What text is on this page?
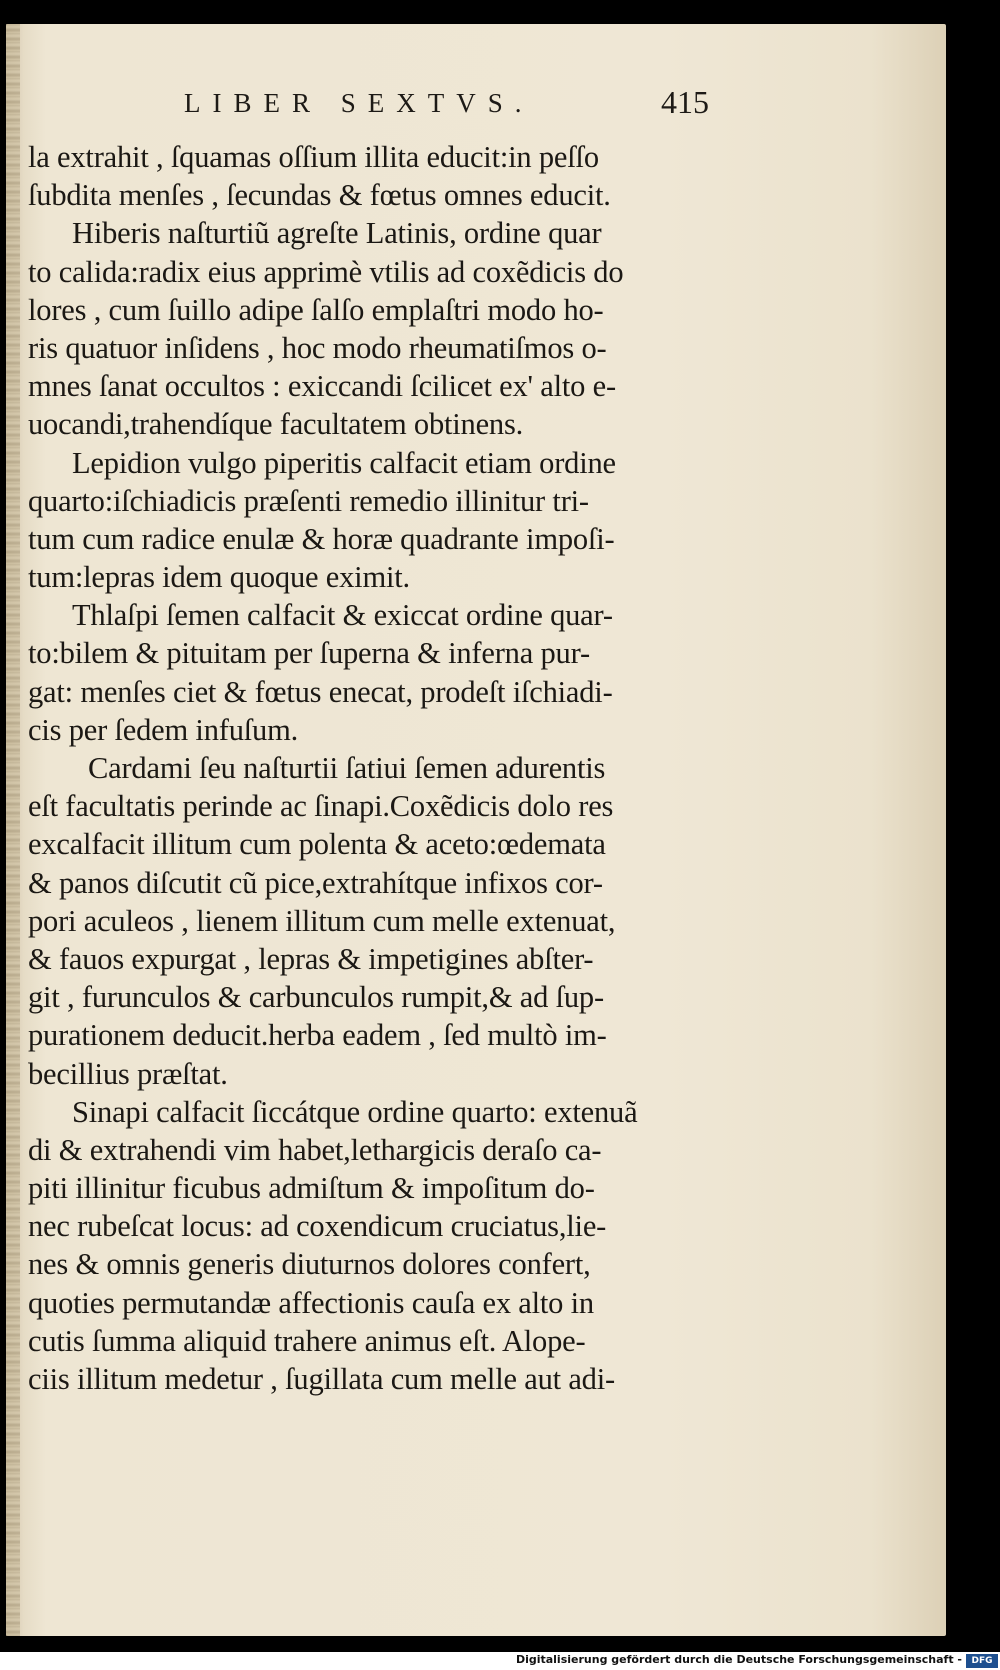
LIBER SEXTVS.	415
la extrahit , ſquamas oſſium illita educit:in peſſo
ſubdita menſes , ſecundas & fœtus omnes educit.
Hiberis naſturtiũ agreſte Latinis, ordine quar
to calida:radix eius apprimè vtilis ad coxẽdicis do
lores , cum ſuillo adipe ſalſo emplaſtri modo ho-
ris quatuor inſidens , hoc modo rheumatiſmos o-
mnes ſanat occultos : exiccandi ſcilicet ex' alto e-
uocandi,trahendíque facultatem obtinens.
Lepidion vulgo piperitis calfacit etiam ordine
quarto:iſchiadicis præſenti remedio illinitur tri-
tum cum radice enulæ & horæ quadrante impoſi-
tum:lepras idem quoque eximit.
Thlaſpi ſemen calfacit & exiccat ordine quar-
to:bilem & pituitam per ſuperna & inferna pur-
gat: menſes ciet & fœtus enecat, prodeſt iſchiadi-
cis per ſedem infuſum.
Cardami ſeu naſturtii ſatiui ſemen adurentis
eſt facultatis perinde ac ſinapi.Coxẽdicis dolo res
excalfacit illitum cum polenta & aceto:œdemata
& panos diſcutit cũ pice,extrahítque infixos cor-
pori aculeos , lienem illitum cum melle extenuat,
& fauos expurgat , lepras & impetigines abſter-
git , furunculos & carbunculos rumpit,& ad ſup-
purationem deducit.herba eadem , ſed multò im-
becillius præſtat.
Sinapi calfacit ſiccátque ordine quarto: extenuã
di & extrahendi vim habet,lethargicis deraſo ca-
piti illinitur ficubus admiſtum & impoſitum do-
nec rubeſcat locus: ad coxendicum cruciatus,lie-
nes & omnis generis diuturnos dolores confert,
quoties permutandæ affectionis cauſa ex alto in
cutis ſumma aliquid trahere animus eſt. Alope-
ciis illitum medetur , ſugillata cum melle aut adi-
Digitalisierung gefördert durch die Deutsche Forschungsgemeinschaft -	DFG
